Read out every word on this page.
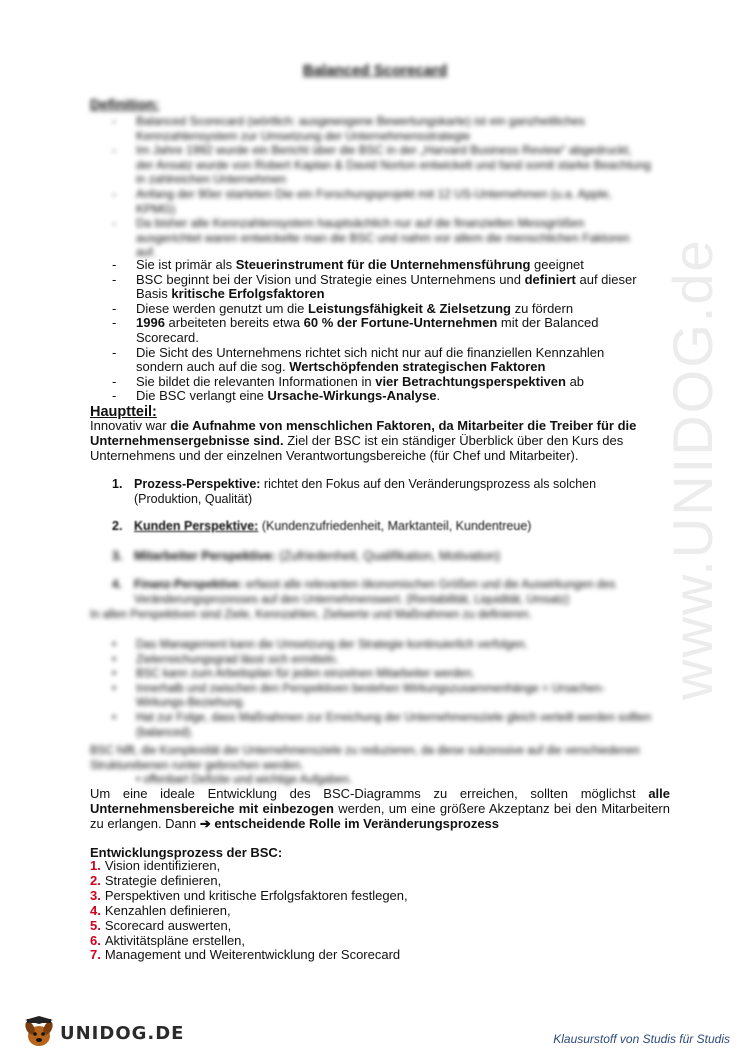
www.UNIDOG.de
Balanced Scorecard
Definition:
- Balanced Scorecard (wörtlich: ausgewogene Bewertungskarte) ist ein ganzheitliches Kennzahlensystem zur Umsetzung der Unternehmensstrategie
- Im Jahre 1992 wurde ein Bericht über die BSC in der „Harvard Business Review“ abgedruckt, der Ansatz wurde von Robert Kaplan & David Norton entwickelt und fand somit starke Beachtung in zahlreichen Unternehmen
- Anfang der 90er starteten Die ein Forschungsprojekt mit 12 US-Unternehmen (u.a. Apple, KPMG)
- Da bisher alle Kennzahlensystem hauptsächlich nur auf die finanziellen Messgrößen ausgerichtet waren entwickelte man die BSC und nahm vor allem die menschlichen Faktoren auf.
- Sie ist primär als Steuerinstrument für die Unternehmensführung geeignet
- BSC beginnt bei der Vision und Strategie eines Unternehmens und definiert auf dieser Basis kritische Erfolgsfaktoren
- Diese werden genutzt um die Leistungsfähigkeit & Zielsetzung zu fördern
- 1996 arbeiteten bereits etwa 60 % der Fortune-Unternehmen mit der Balanced Scorecard.
- Die Sicht des Unternehmens richtet sich nicht nur auf die finanziellen Kennzahlen sondern auch auf die sog. Wertschöpfenden strategischen Faktoren
- Sie bildet die relevanten Informationen in vier Betrachtungsperspektiven ab
- Die BSC verlangt eine Ursache-Wirkungs-Analyse.
Hauptteil:
Innovativ war die Aufnahme von menschlichen Faktoren, da Mitarbeiter die Treiber für die Unternehmensergebnisse sind. Ziel der BSC ist ein ständiger Überblick über den Kurs des Unternehmens und der einzelnen Verantwortungsbereiche (für Chef und Mitarbeiter).
1. Prozess-Perspektive: richtet den Fokus auf den Veränderungsprozess als solchen
(Produktion, Qualität)
2. Kunden Perspektive: (Kundenzufriedenheit, Marktanteil, Kundentreue)
3. Mitarbeiter Perspektive: (Zufriedenheit, Qualifikation, Motivation)
4. Finanz-Perspektive: erfasst alle relevanten ökonomischen Größen und die Auswirkungen des
Veränderungsprozesses auf den Unternehmenswert. (Rentabilität, Liquidität, Umsatz)
In allen Perspektiven sind Ziele, Kennzahlen, Zielwerte und Maßnahmen zu definieren.
• Das Management kann die Umsetzung der Strategie kontinuierlich verfolgen.
• Zielerreichungsgrad lässt sich ermitteln.
• BSC kann zum Arbeitsplan für jeden einzelnen Mitarbeiter werden.
• Innerhalb und zwischen den Perspektiven bestehen Wirkungszusammenhänge = Ursachen-Wirkungs-Beziehung.
• Hat zur Folge, dass Maßnahmen zur Erreichung der Unternehmensziele gleich verteilt werden sollten (balanced).
BSC hilft, die Komplexität der Unternehmensziele zu reduzieren, da diese sukzessive auf die verschiedenen Strukturebenen runter gebrochen werden.
• offenbart Defizite und wichtige Aufgaben.
Um eine ideale Entwicklung des BSC-Diagramms zu erreichen, sollten möglichst alle Unternehmensbereiche mit einbezogen werden, um eine größere Akzeptanz bei den Mitarbeitern zu erlangen. Dann ➔ entscheidende Rolle im Veränderungsprozess
Entwicklungsprozess der BSC:
1. Vision identifizieren,
2. Strategie definieren,
3. Perspektiven und kritische Erfolgsfaktoren festlegen,
4. Kenzahlen definieren,
5. Scorecard auswerten,
6. Aktivitätspläne erstellen,
7. Management und Weiterentwicklung der Scorecard
UNIDOG.DE	Klausurstoff von Studis für Studis
